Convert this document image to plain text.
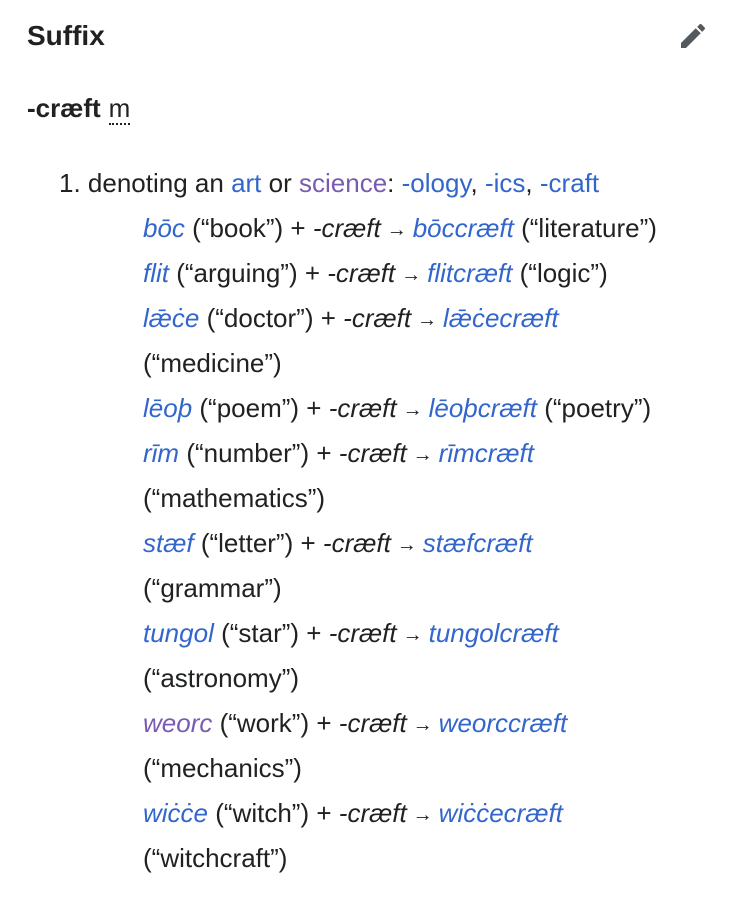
Suffix
-cræft m
1. denoting an art or science: -ology, -ics, -craft
bōc (“book”) + -cræft → bōccræft (“literature”)
flit (“arguing”) + -cræft → flitcræft (“logic”)
lǣċe (“doctor”) + -cræft → lǣċecræft
(“medicine”)
lēoþ (“poem”) + -cræft → lēoþcræft (“poetry”)
rīm (“number”) + -cræft → rīmcræft
(“mathematics”)
stæf (“letter”) + -cræft → stæfcræft
(“grammar”)
tungol (“star”) + -cræft → tungolcræft
(“astronomy”)
weorc (“work”) + -cræft → weorccræft
(“mechanics”)
wiċċe (“witch”) + -cræft → wiċċecræft
(“witchcraft”)
